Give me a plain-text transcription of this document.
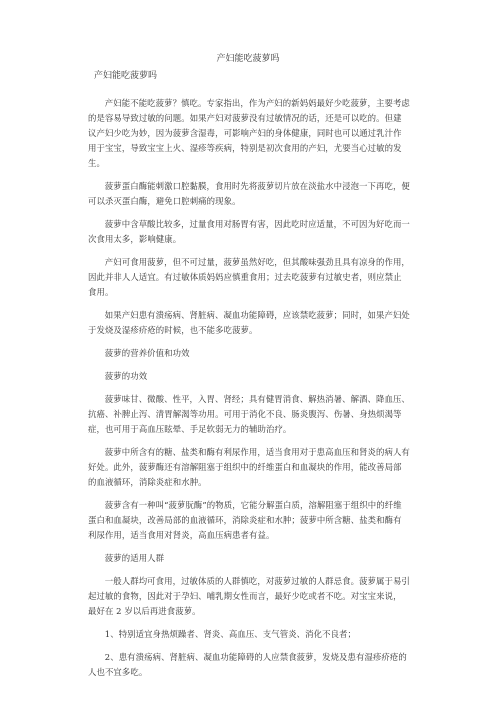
产妇能吃菠萝吗
产妇能吃菠萝吗

产妇能不能吃菠萝？慎吃。专家指出，作为产妇的新妈妈最好少吃菠萝，主要考虑的是容易导致过敏的问题。如果产妇对菠萝没有过敏情况的话，还是可以吃的。但建议产妇少吃为妙，因为菠萝含湿毒，可影响产妇的身体健康，同时也可以通过乳汁作用于宝宝，导致宝宝上火、湿疹等疾病，特别是初次食用的产妇，尤要当心过敏的发生。

菠萝蛋白酶能刺激口腔黏膜，食用时先将菠萝切片放在淡盐水中浸泡一下再吃，便可以杀灭蛋白酶，避免口腔刺痛的现象。

菠萝中含草酸比较多，过量食用对肠胃有害，因此吃时应适量，不可因为好吃而一次食用太多，影响健康。

产妇可食用菠萝，但不可过量，菠萝虽然好吃，但其酸味强劲且具有凉身的作用，因此并非人人适宜。有过敏体质妈妈应慎重食用；过去吃菠萝有过敏史者，则应禁止食用。

如果产妇患有溃疡病、肾脏病、凝血功能障碍，应该禁吃菠萝；同时，如果产妇处于发烧及湿疹疥疮的时候，也不能多吃菠萝。

菠萝的营养价值和功效

菠萝的功效

菠萝味甘、微酸、性平，入胃、肾经；具有健胃消食、解热消暑、解酒、降血压、抗癌、补脾止泻、清胃解渴等功用。可用于消化不良、肠炎腹泻、伤暑、身热烦渴等症，也可用于高血压眩晕、手足软弱无力的辅助治疗。

菠萝中所含有的糖、盐类和酶有利尿作用，适当食用对于患高血压和肾炎的病人有好处。此外，菠萝酶还有溶解阻塞于组织中的纤维蛋白和血凝块的作用，能改善局部的血液循环，消除炎症和水肿。

菠萝含有一种叫“菠萝朊酶”的物质，它能分解蛋白质，溶解阻塞于组织中的纤维蛋白和血凝块，改善局部的血液循环，消除炎症和水肿；菠萝中所含糖、盐类和酶有利尿作用，适当食用对肾炎，高血压病患者有益。

菠萝的适用人群

一般人群均可食用，过敏体质的人群慎吃，对菠萝过敏的人群忌食。菠萝属于易引起过敏的食物，因此对于孕妇、哺乳期女性而言，最好少吃或者不吃。对宝宝来说，最好在 2 岁以后再进食菠萝。

1、特别适宜身热烦躁者、肾炎、高血压、支气管炎、消化不良者；

2、患有溃疡病、肾脏病、凝血功能障碍的人应禁食菠萝，发烧及患有湿疹疥疮的人也不宜多吃。
